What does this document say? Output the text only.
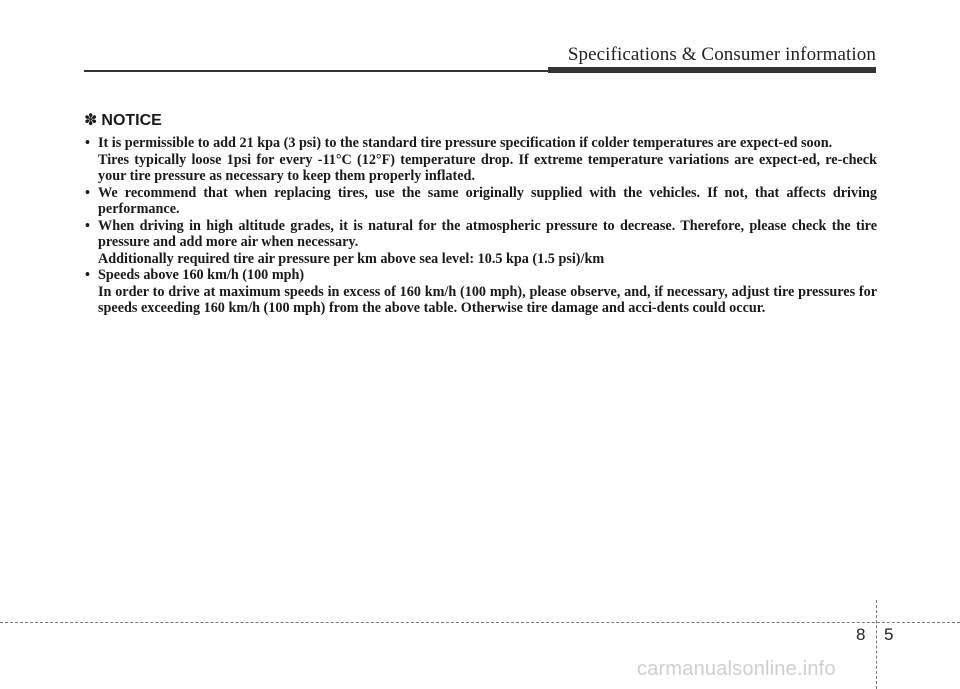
Specifications & Consumer information
✽ NOTICE
• It is permissible to add 21 kpa (3 psi) to the standard tire pressure specification if colder temperatures are expect-ed soon.

Tires typically loose 1psi for every -11°C (12°F) temperature drop. If extreme temperature variations are expect-ed, re-check your tire pressure as necessary to keep them properly inflated.

• We recommend that when replacing tires, use the same originally supplied with the vehicles. If not, that affects driving performance.

• When driving in high altitude grades, it is natural for the atmospheric pressure to decrease. Therefore, please check the tire pressure and add more air when necessary.

Additionally required tire air pressure per km above sea level: 10.5 kpa (1.5 psi)/km

• Speeds above 160 km/h (100 mph)

In order to drive at maximum speeds in excess of 160 km/h (100 mph), please observe, and, if necessary, adjust tire pressures for speeds exceeding 160 km/h (100 mph) from the above table. Otherwise tire damage and acci-dents could occur.

8 5
carmanualsonline.info
